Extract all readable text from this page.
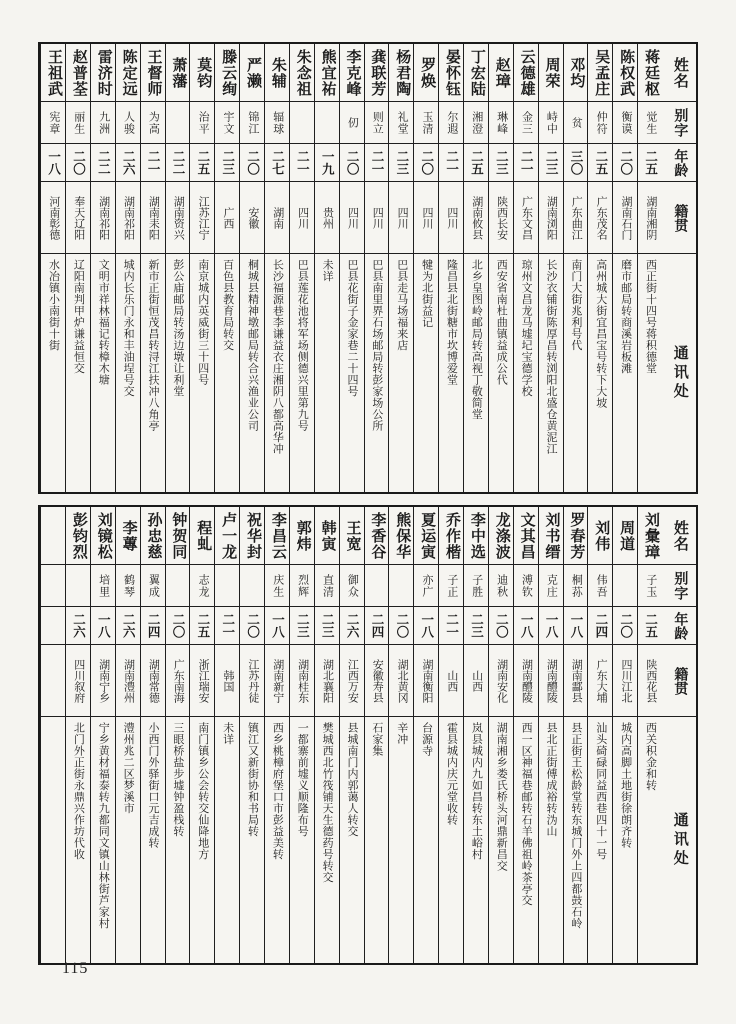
姓名
别字
年龄
籍贯
通讯处
蒋廷枢
觉生
二五
湖南湘阴
西正街十四号蒋积德堂
陈权武
衡谟
二〇
湖南石门
磨市邮局转商溪岩板滩
吴孟庄
仲符
二五
广东茂名
高州城大街宜昌宝号转下大坡
邓均
贫
三〇
广东曲江
南门大街兆利号代
周荣
峙中
二三
湖南浏阳
长沙衣铺街陈厚昌转浏阳北盛仓黄泥江
云德雄
金三
二一
广东文昌
琼州文昌龙马墟圮宝德学校
赵璋
琳峰
二三
陕西长安
西安省南杜曲镇益成公代
丁宏陆
湘澄
二五
湖南攸县
北乡皇图岭邮局转高视丁敬简堂
晏怀钰
尔遐
二一
四川
隆昌县北街糖市坎博爱堂
罗焕
玉清
二〇
四川
犍为北街益记
杨君陶
礼堂
二三
四川
巴县走马场福来店
龚联芳
则立
二一
四川
巴县南里界石场邮局转彭家场公所
李克峰
仞
二〇
四川
巴县花街子金家巷二十四号
熊宜祐
一九
贵州
未详
朱念祖
二一
四川
巴县莲花池将军场侧德兴里第九号
朱辅
辐球
二七
湖南
长沙福源巷李谦益衣庄湘阴八都高华冲
严濑
锦江
二〇
安徽
桐城县精神墩邮局转合兴渔业公司
滕云绚
宇文
二三
广西
百色县教育局转交
莫钧
治平
二五
江苏江宁
南京城内英威街三十四号
萧藩
二二
湖南资兴
彭公庙邮局转汤边墩让利堂
王督师
为高
二一
湖南耒阳
新市正街恒茂昌转浔江扶冲八角亭
陈定远
人骏
二六
湖南祁阳
城内长乐门永和丰油埕号交
雷济时
九洲
二二
湖南祁阳
文明市祥林福记转樟木塘
赵普荃
丽生
二〇
奉天辽阳
辽阳南判甲炉谦益恒交
王祖武
宪章
一八
河南彰德
水冶镇小南街十街
姓名
别字
年龄
籍贯
通讯处
刘彙璋
子玉
二五
陕西花县
西关积金和转
周道
二〇
四川江北
城内高脚土地街徐朗齐转
刘伟
伟吾
二四
广东大埔
汕头碕碌同益西巷四十一号
罗春芳
桐荪
一八
湖南酃县
县正街王松龄堂转东城门外上四都鼓石岭
刘书缙
克庄
一八
湖南醴陵
县北正街傅成裕转沩山
文其昌
溥钦
一八
湖南醴陵
西一区神福巷邮转石羊佛祖岭茶亭交
龙涤波
迪秋
二〇
湖南安化
湖南湘乡娄氏桥头河鼎新昌交
李中选
子胜
二三
山西
岚县城内九如昌转东土峪村
乔作楷
子正
二一
山西
霍县城内庆元堂收转
夏运寅
亦广
一八
湖南衡阳
台源寺
熊保华
二〇
湖北黄冈
辛冲
李香谷
二四
安徽寿县
石家集
王宽
御众
二六
江西万安
县城南门内郭蔼人转交
韩寅
直清
二三
湖北襄阳
樊城西北竹筏铺天生德药号转交
郭炜
烈辉
二三
湖南桂东
一都寨前墟义顺隆布号
李昌云
庆生
一八
湖南新宁
西乡桃樟府堡口市彭益美转
祝华封
二〇
江苏丹徒
镇江又新街协和书局转
卢一龙
二一
韩国
未详
程虬
志龙
二五
浙江瑞安
南门镇乡公会转交仙降地方
钟贺同
二〇
广东南海
三眼桥盐步墟钟盈栈转
孙忠慈
翼成
二四
湖南常德
小西门外驿街口元吉成转
李蓴
鹤琴
二六
湖南澧州
澧州兆二区梦溪市
刘镜松
培里
一八
湖南宁乡
宁乡黄材福泰转九都同文镇山林街芦家村
彭钧烈
二六
四川叙府
北门外正街永鼎兴作坊代收
115
